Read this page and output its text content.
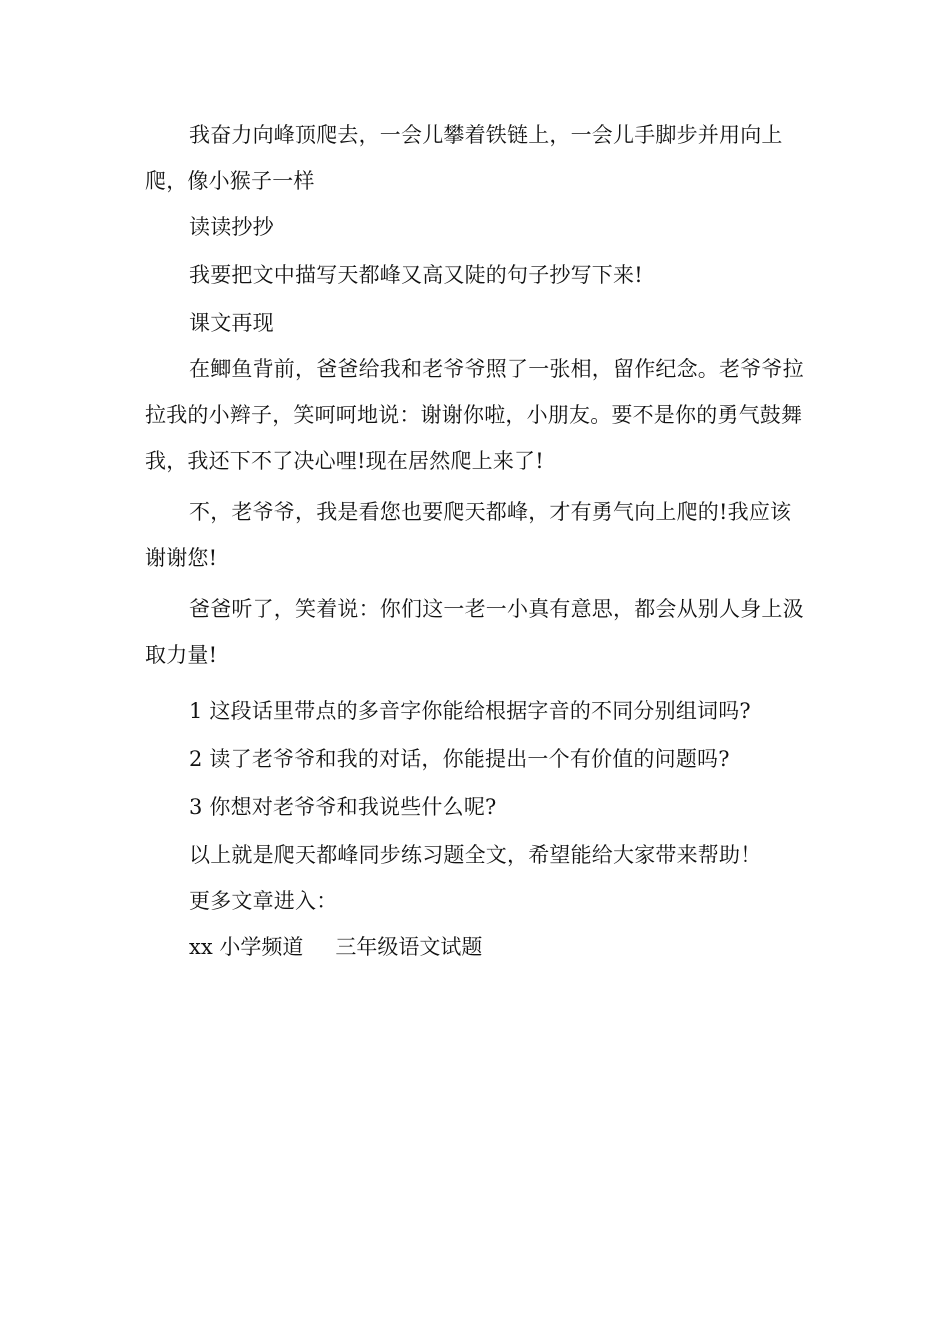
我奋力向峰顶爬去，一会儿攀着铁链上，一会儿手脚步并用向上爬，像小猴子一样

读读抄抄

我要把文中描写天都峰又高又陡的句子抄写下来!

课文再现

在鲫鱼背前，爸爸给我和老爷爷照了一张相，留作纪念。老爷爷拉拉我的小辫子，笑呵呵地说：谢谢你啦，小朋友。要不是你的勇气鼓舞我，我还下不了决心哩!现在居然爬上来了!

不，老爷爷，我是看您也要爬天都峰，才有勇气向上爬的!我应该谢谢您!

爸爸听了，笑着说：你们这一老一小真有意思，都会从别人身上汲取力量!

1 这段话里带点的多音字你能给根据字音的不同分别组词吗?

2 读了老爷爷和我的对话，你能提出一个有价值的问题吗?

3 你想对老爷爷和我说些什么呢?

以上就是爬天都峰同步练习题全文，希望能给大家带来帮助！

更多文章进入：

xx 小学频道 三年级语文试题
